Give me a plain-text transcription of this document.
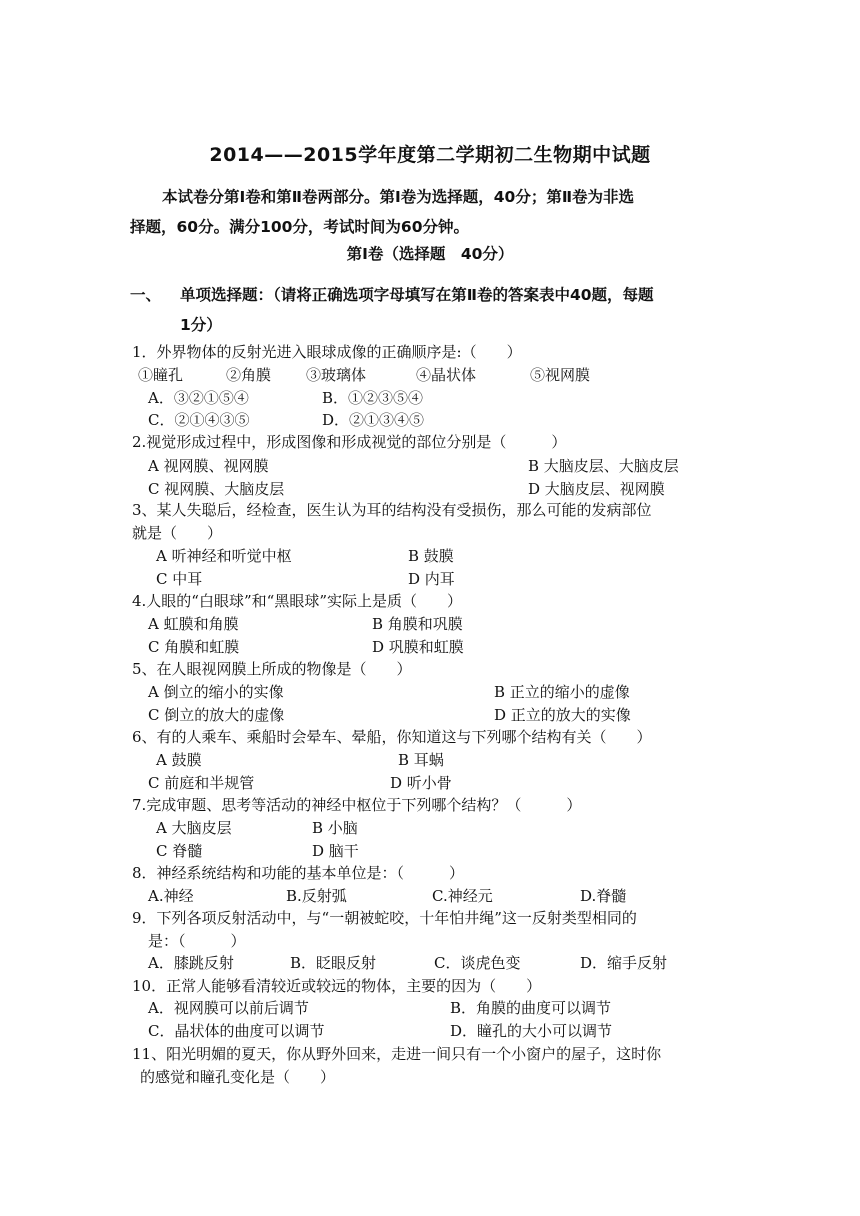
2014——2015学年度第二学期初二生物期中试题
本试卷分第Ⅰ卷和第Ⅱ卷两部分。第Ⅰ卷为选择题，40分；第Ⅱ卷为非选
择题，60分。满分100分，考试时间为60分钟。
第Ⅰ卷（选择题　40分）
一、 单项选择题：（请将正确选项字母填写在第Ⅱ卷的答案表中40题，每题
1分）
1．外界物体的反射光进入眼球成像的正确顺序是:（　　）
①瞳孔	②角膜 ③玻璃体	④晶状体	⑤视网膜
A．③②①⑤④	B．①②③⑤④
C．②①④③⑤	D．②①③④⑤
2.视觉形成过程中，形成图像和形成视觉的部位分别是（　　　）
A 视网膜、视网膜	B 大脑皮层、大脑皮层
C 视网膜、大脑皮层	D 大脑皮层、视网膜
3、某人失聪后，经检查，医生认为耳的结构没有受损伤，那么可能的发病部位
就是（　　）
A 听神经和听觉中枢	B 鼓膜
C 中耳	D 内耳
4.人眼的“白眼球”和“黑眼球”实际上是质（　　）
A 虹膜和角膜	B 角膜和巩膜
C 角膜和虹膜	D 巩膜和虹膜
5、在人眼视网膜上所成的物像是（　　）
A 倒立的缩小的实像	B 正立的缩小的虚像
C 倒立的放大的虚像	D 正立的放大的实像
6、有的人乘车、乘船时会晕车、晕船，你知道这与下列哪个结构有关（　　）
A 鼓膜	B 耳蜗
C 前庭和半规管	D 听小骨
7.完成审题、思考等活动的神经中枢位于下列哪个结构？（　　　）
A 大脑皮层	B 小脑
C 脊髓	D 脑干
8．神经系统结构和功能的基本单位是：（　　　）
A.神经	B.反射弧	C.神经元	D.脊髓
9．下列各项反射活动中，与“一朝被蛇咬，十年怕井绳”这一反射类型相同的
是：（　　　）
A．膝跳反射	B．眨眼反射	C．谈虎色变	D．缩手反射
10．正常人能够看清较近或较远的物体，主要的因为（　　）
A．视网膜可以前后调节	B．角膜的曲度可以调节
C．晶状体的曲度可以调节	D．瞳孔的大小可以调节
11、阳光明媚的夏天，你从野外回来，走进一间只有一个小窗户的屋子，这时你
的感觉和瞳孔变化是（　　）
